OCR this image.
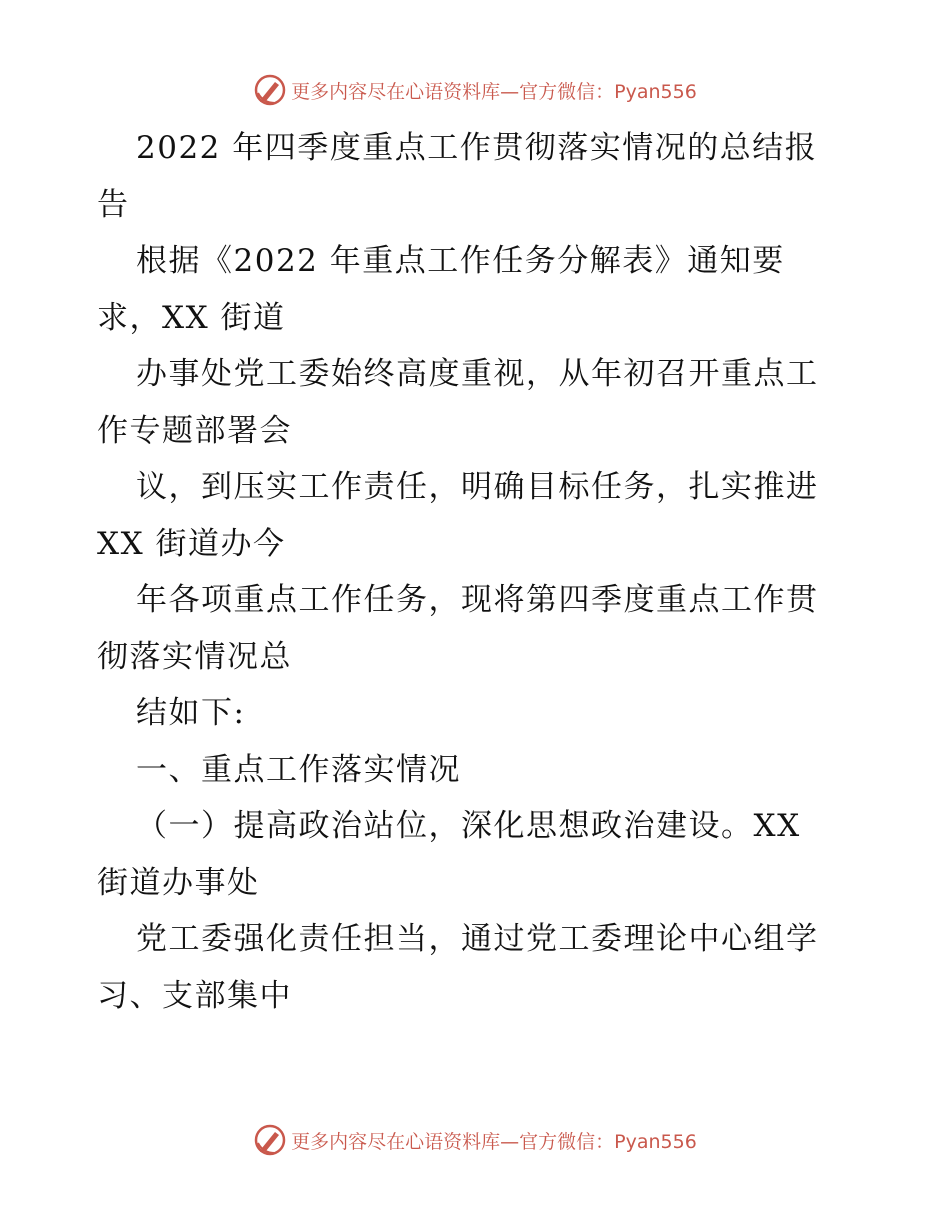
更多内容尽在心语资料库—官方微信：Pyan556
2022 年四季度重点工作贯彻落实情况的总结报
告
根据《2022 年重点工作任务分解表》通知要
求，XX 街道
办事处党工委始终高度重视，从年初召开重点工
作专题部署会
议，到压实工作责任，明确目标任务，扎实推进
XX 街道办今
年各项重点工作任务，现将第四季度重点工作贯
彻落实情况总
结如下:
一、重点工作落实情况
（一）提高政治站位，深化思想政治建设。XX
街道办事处
党工委强化责任担当，通过党工委理论中心组学
习、支部集中
更多内容尽在心语资料库—官方微信：Pyan556
